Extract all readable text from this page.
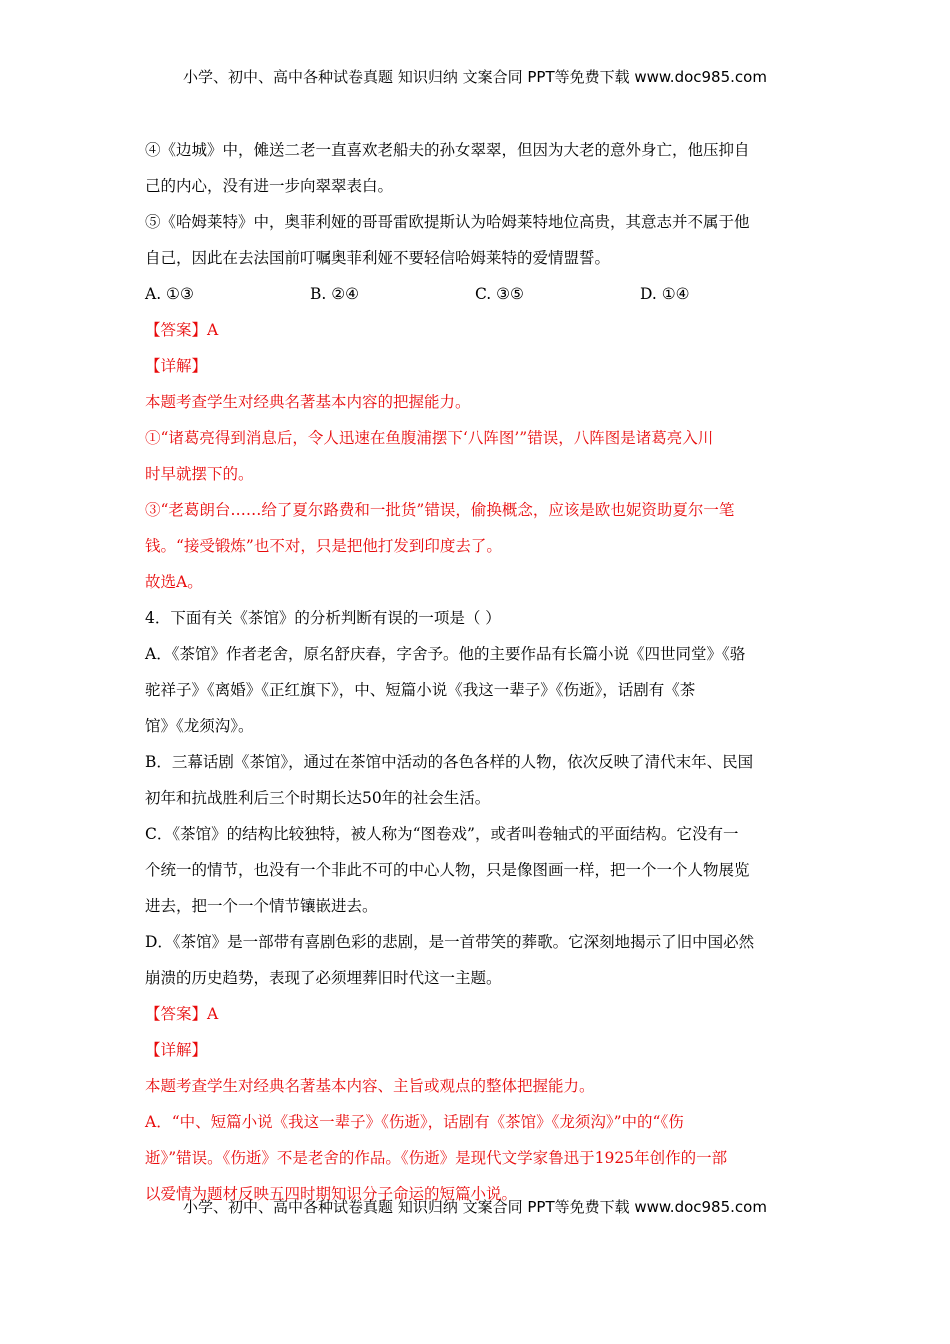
小学、初中、高中各种试卷真题 知识归纳 文案合同 PPT等免费下载 www.doc985.com
④《边城》中，傩送二老一直喜欢老船夫的孙女翠翠，但因为大老的意外身亡，他压抑自
己的内心，没有进一步向翠翠表白。
⑤《哈姆莱特》中，奥菲利娅的哥哥雷欧提斯认为哈姆莱特地位高贵，其意志并不属于他
自己，因此在去法国前叮嘱奥菲利娅不要轻信哈姆莱特的爱情盟誓。
A. ①③	B. ②④	C. ③⑤	D. ①④
【答案】A
【详解】
本题考查学生对经典名著基本内容的把握能力。
①“诸葛亮得到消息后，令人迅速在鱼腹浦摆下‘八阵图’”错误，八阵图是诸葛亮入川
时早就摆下的。
③“老葛朗台……给了夏尔路费和一批货”错误，偷换概念，应该是欧也妮资助夏尔一笔
钱。“接受锻炼”也不对，只是把他打发到印度去了。
故选A。
4．下面有关《茶馆》的分析判断有误的一项是（ ）
A．《茶馆》作者老舍，原名舒庆春，字舍予。他的主要作品有长篇小说《四世同堂》《骆
驼祥子》《离婚》《正红旗下》，中、短篇小说《我这一辈子》《伤逝》，话剧有《茶
馆》《龙须沟》。
B．三幕话剧《茶馆》，通过在茶馆中活动的各色各样的人物，依次反映了清代末年、民国
初年和抗战胜利后三个时期长达50年的社会生活。
C．《茶馆》的结构比较独特，被人称为“图卷戏”，或者叫卷轴式的平面结构。它没有一
个统一的情节，也没有一个非此不可的中心人物，只是像图画一样，把一个一个人物展览
进去，把一个一个情节镶嵌进去。
D．《茶馆》是一部带有喜剧色彩的悲剧，是一首带笑的葬歌。它深刻地揭示了旧中国必然
崩溃的历史趋势，表现了必须埋葬旧时代这一主题。
【答案】A
【详解】
本题考查学生对经典名著基本内容、主旨或观点的整体把握能力。
A．“中、短篇小说《我这一辈子》《伤逝》，话剧有《茶馆》《龙须沟》”中的“《伤
逝》”错误。《伤逝》不是老舍的作品。《伤逝》是现代文学家鲁迅于1925年创作的一部
以爱情为题材反映五四时期知识分子命运的短篇小说。
小学、初中、高中各种试卷真题 知识归纳 文案合同 PPT等免费下载 www.doc985.com
